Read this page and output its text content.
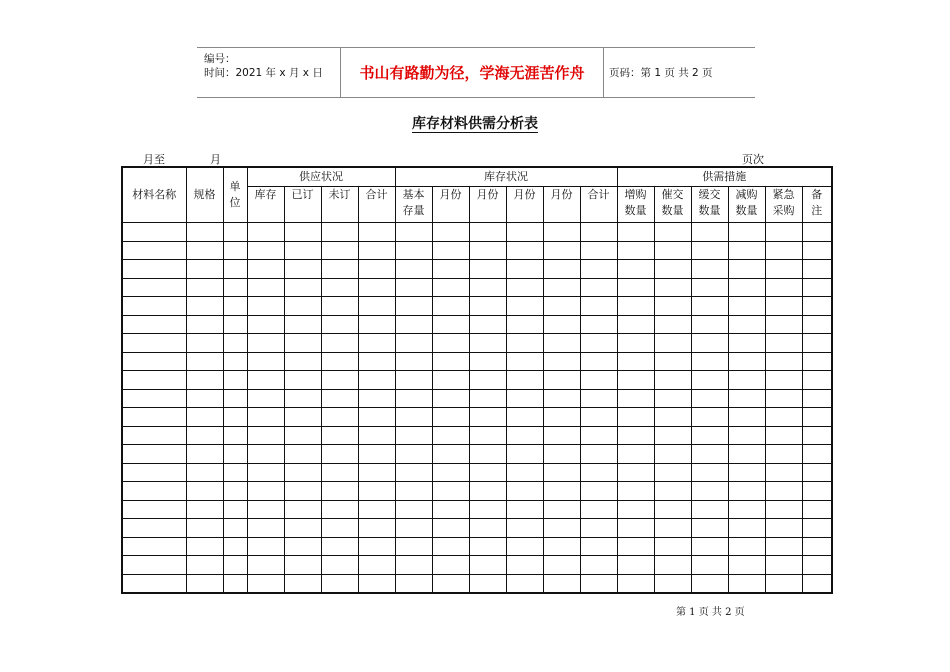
编号：
时间：2021 年 x 月 x 日	书山有路勤为径，学海无涯苦作舟	页码：第 1 页 共 2 页
库存材料供需分析表
月至	月	页次
材料名称	规格	单位	供应状况				库存状况						供需措施					
			库存	已订	未订	合计	基本存量	月份	月份	月份	月份	合计	增购数量	催交数量	缓交数量	减购数量	紧急采购	备注

第 1 页 共 2 页
